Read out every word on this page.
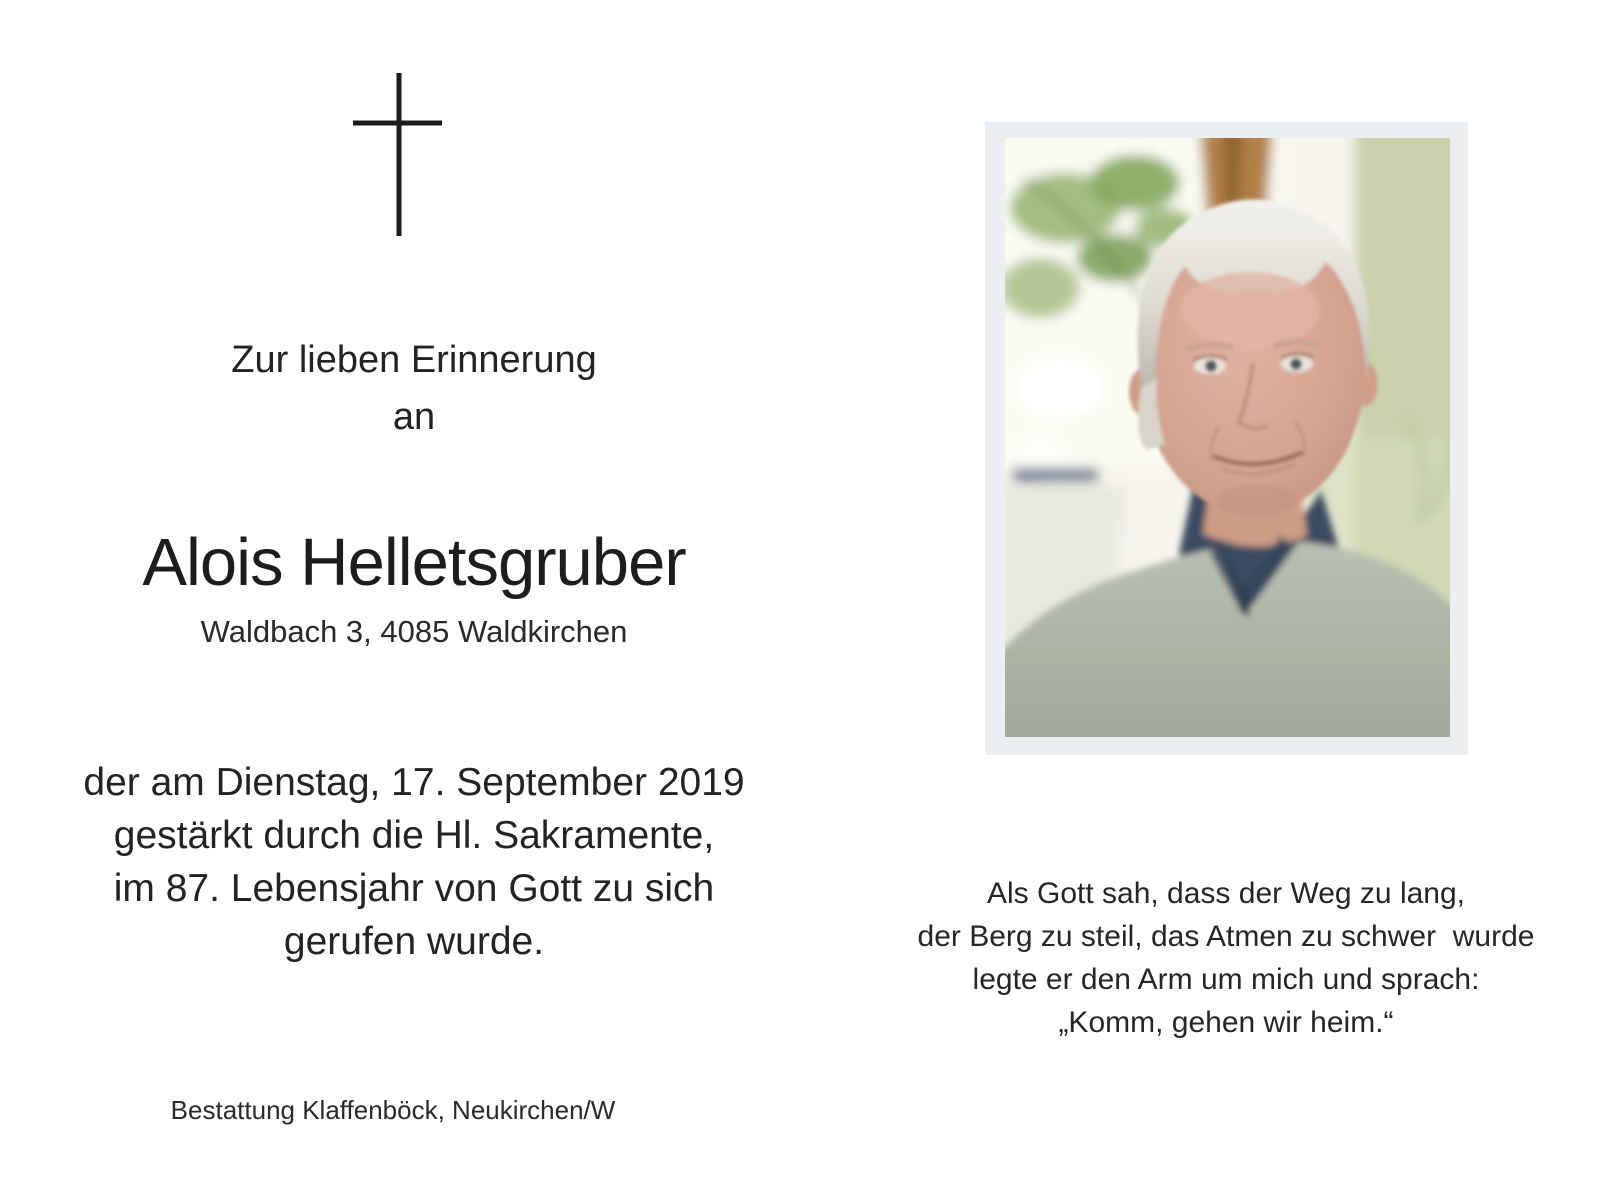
Zur lieben Erinnerung
an
Alois Helletsgruber
Waldbach 3, 4085 Waldkirchen
der am Dienstag, 17. September 2019
gestärkt durch die Hl. Sakramente,
im 87. Lebensjahr von Gott zu sich
gerufen wurde.
Bestattung Klaffenböck, Neukirchen/W
Als Gott sah, dass der Weg zu lang,
der Berg zu steil, das Atmen zu schwer  wurde
legte er den Arm um mich und sprach:
„Komm, gehen wir heim.“
